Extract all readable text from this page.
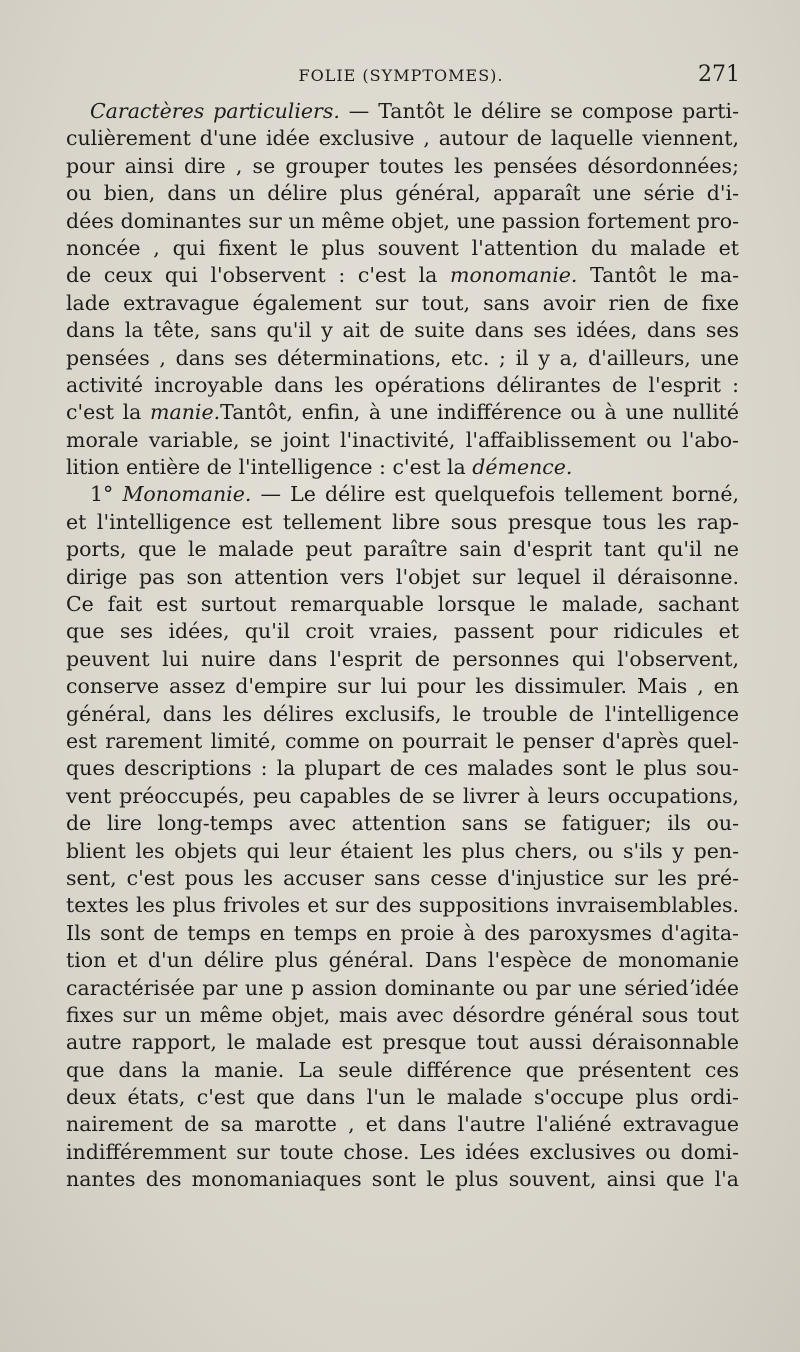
FOLIE (SYMPTOMES).	271
Caractères particuliers. — Tantôt le délire se compose parti-
culièrement d'une idée exclusive , autour de laquelle viennent,
pour ainsi dire , se grouper toutes les pensées désordonnées;
ou bien, dans un délire plus général, apparaît une série d'i-
dées dominantes sur un même objet, une passion fortement pro-
noncée , qui fixent le plus souvent l'attention du malade et
de ceux qui l'observent : c'est la monomanie. Tantôt le ma-
lade extravague également sur tout, sans avoir rien de fixe
dans la tête, sans qu'il y ait de suite dans ses idées, dans ses
pensées , dans ses déterminations, etc. ; il y a, d'ailleurs, une
activité incroyable dans les opérations délirantes de l'esprit :
c'est la manie.Tantôt, enfin, à une indifférence ou à une nullité
morale variable, se joint l'inactivité, l'affaiblissement ou l'abo-
lition entière de l'intelligence : c'est la démence.
1° Monomanie. — Le délire est quelquefois tellement borné,
et l'intelligence est tellement libre sous presque tous les rap-
ports, que le malade peut paraître sain d'esprit tant qu'il ne
dirige pas son attention vers l'objet sur lequel il déraisonne.
Ce fait est surtout remarquable lorsque le malade, sachant
que ses idées, qu'il croit vraies, passent pour ridicules et
peuvent lui nuire dans l'esprit de personnes qui l'observent,
conserve assez d'empire sur lui pour les dissimuler. Mais , en
général, dans les délires exclusifs, le trouble de l'intelligence
est rarement limité, comme on pourrait le penser d'après quel-
ques descriptions : la plupart de ces malades sont le plus sou-
vent préoccupés, peu capables de se livrer à leurs occupations,
de lire long-temps avec attention sans se fatiguer; ils ou-
blient les objets qui leur étaient les plus chers, ou s'ils y pen-
sent, c'est pous les accuser sans cesse d'injustice sur les pré-
textes les plus frivoles et sur des suppositions invraisemblables.
Ils sont de temps en temps en proie à des paroxysmes d'agita-
tion et d'un délire plus général. Dans l'espèce de monomanie
caractérisée par une p assion dominante ou par une sériedʼidée
fixes sur un même objet, mais avec désordre général sous tout
autre rapport, le malade est presque tout aussi déraisonnable
que dans la manie. La seule différence que présentent ces
deux états, c'est que dans l'un le malade s'occupe plus ordi-
nairement de sa marotte , et dans l'autre l'aliéné extravague
indifféremment sur toute chose. Les idées exclusives ou domi-
nantes des monomaniaques sont le plus souvent, ainsi que l'a
